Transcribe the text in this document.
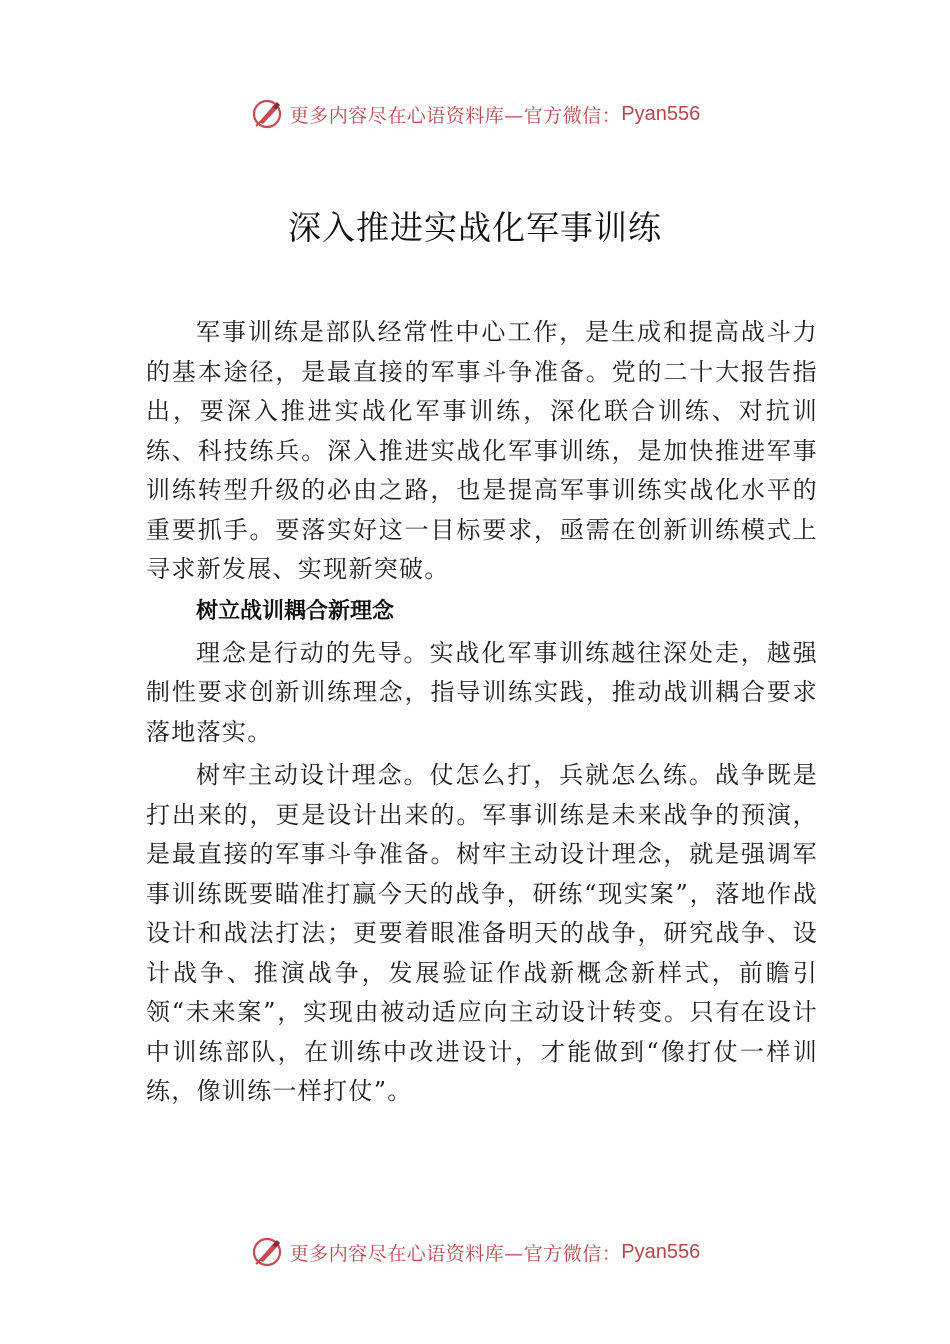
更多内容尽在心语资料库—官方微信： Pyan556
深入推进实战化军事训练

军事训练是部队经常性中心工作，是生成和提高战斗力的基本途径，是最直接的军事斗争准备。党的二十大报告指出，要深入推进实战化军事训练，深化联合训练、对抗训练、科技练兵。深入推进实战化军事训练，是加快推进军事训练转型升级的必由之路，也是提高军事训练实战化水平的重要抓手。要落实好这一目标要求，亟需在创新训练模式上寻求新发展、实现新突破。

树立战训耦合新理念

理念是行动的先导。实战化军事训练越往深处走，越强制性要求创新训练理念，指导训练实践，推动战训耦合要求落地落实。

树牢主动设计理念。仗怎么打，兵就怎么练。战争既是打出来的，更是设计出来的。军事训练是未来战争的预演，是最直接的军事斗争准备。树牢主动设计理念，就是强调军事训练既要瞄准打赢今天的战争，研练“现实案”，落地作战设计和战法打法；更要着眼准备明天的战争，研究战争、设计战争、推演战争，发展验证作战新概念新样式，前瞻引领“未来案”，实现由被动适应向主动设计转变。只有在设计中训练部队，在训练中改进设计，才能做到“像打仗一样训练，像训练一样打仗”。

更多内容尽在心语资料库—官方微信： Pyan556
